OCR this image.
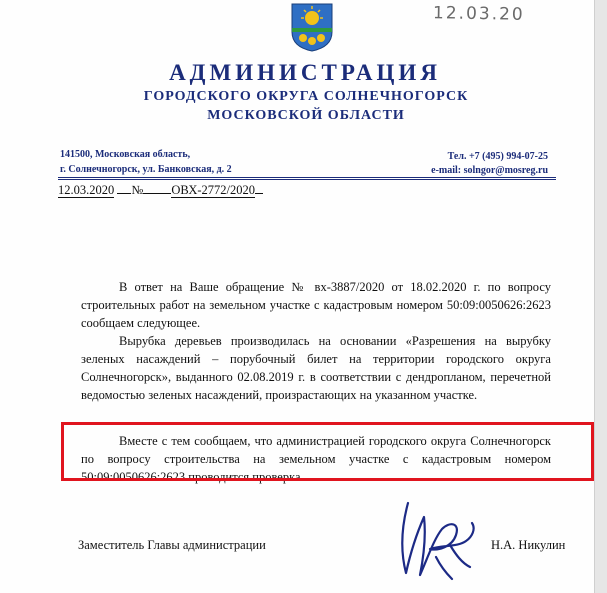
12.03.20
АДМИНИСТРАЦИЯ
ГОРОДСКОГО ОКРУГА СОЛНЕЧНОГОРСК
МОСКОВСКОЙ ОБЛАСТИ
141500, Московская область,
г. Солнечногорск, ул. Банковская, д. 2
Тел. +7 (495) 994-07-25
e-mail: solngor@mosreg.ru
12.03.2020 № ОВХ-2772/2020
В ответ на Ваше обращение № вх-3887/2020 от 18.02.2020 г. по вопросу строительных работ на земельном участке с кадастровым номером 50:09:0050626:2623 сообщаем следующее.
Вырубка деревьев производилась на основании «Разрешения на вырубку зеленых насаждений – порубочный билет на территории городского округа Солнечногорск», выданного 02.08.2019 г. в соответствии с дендропланом, перечетной ведомостью зеленых насаждений, произрастающих на указанном участке.
Вместе с тем сообщаем, что администрацией городского округа Солнечногорск по вопросу строительства на земельном участке с кадастровым номером 50:09:0050626:2623 проводится проверка.
Заместитель Главы администрации	Н.А. Никулин
